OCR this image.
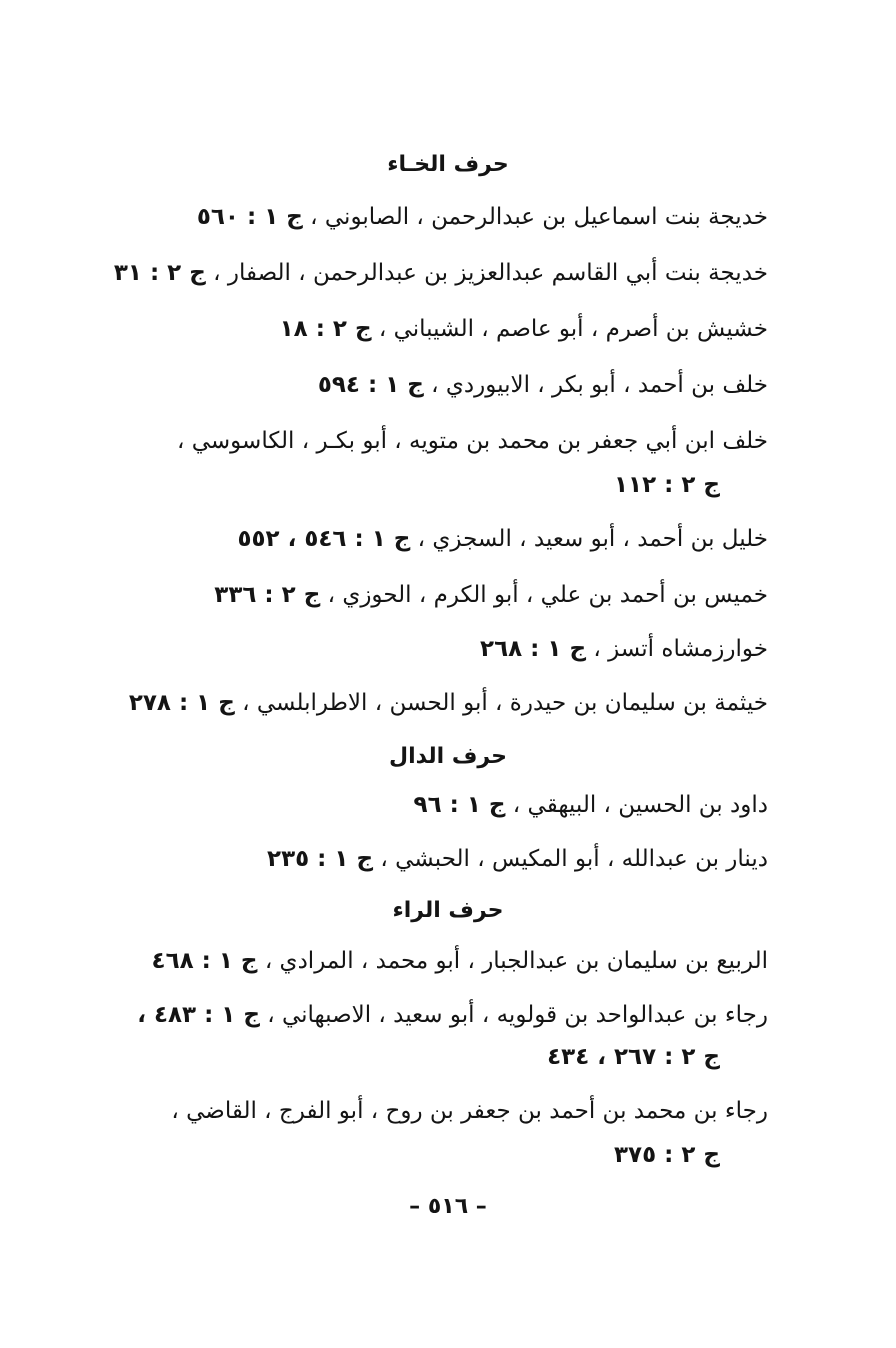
حرف الخـاء
خديجة بنت اسماعيل بن عبدالرحمن ، الصابوني ، ج ١ : ٥٦٠
خديجة بنت أبي القاسم عبدالعزيز بن عبدالرحمن ، الصفار ، ج ٢ : ٣١
خشيش بن أصرم ، أبو عاصم ، الشيباني ، ج ٢ : ١٨
خلف بن أحمد ، أبو بكر ، الابيوردي ، ج ١ : ٥٩٤
خلف ابن أبي جعفر بن محمد بن متويه ، أبو بكـر ، الكاسوسي ،
ج ٢ : ١١٢
خليل بن أحمد ، أبو سعيد ، السجزي ، ج ١ : ٥٤٦ ، ٥٥٢
خميس بن أحمد بن علي ، أبو الكرم ، الحوزي ، ج ٢ : ٣٣٦
خوارزمشاه أتسز ، ج ١ : ٢٦٨
خيثمة بن سليمان بن حيدرة ، أبو الحسن ، الاطرابلسي ، ج ١ : ٢٧٨
حرف الدال
داود بن الحسين ، البيهقي ، ج ١ : ٩٦
دينار بن عبدالله ، أبو المكيس ، الحبشي ، ج ١ : ٢٣٥
حرف الراء
الربيع بن سليمان بن عبدالجبار ، أبو محمد ، المرادي ، ج ١ : ٤٦٨
رجاء بن عبدالواحد بن قولويه ، أبو سعيد ، الاصبهاني ، ج ١ : ٤٨٣ ،
ج ٢ : ٢٦٧ ، ٤٣٤
رجاء بن محمد بن أحمد بن جعفر بن روح ، أبو الفرج ، القاضي ،
ج ٢ : ٣٧٥
– ٥١٦ –
